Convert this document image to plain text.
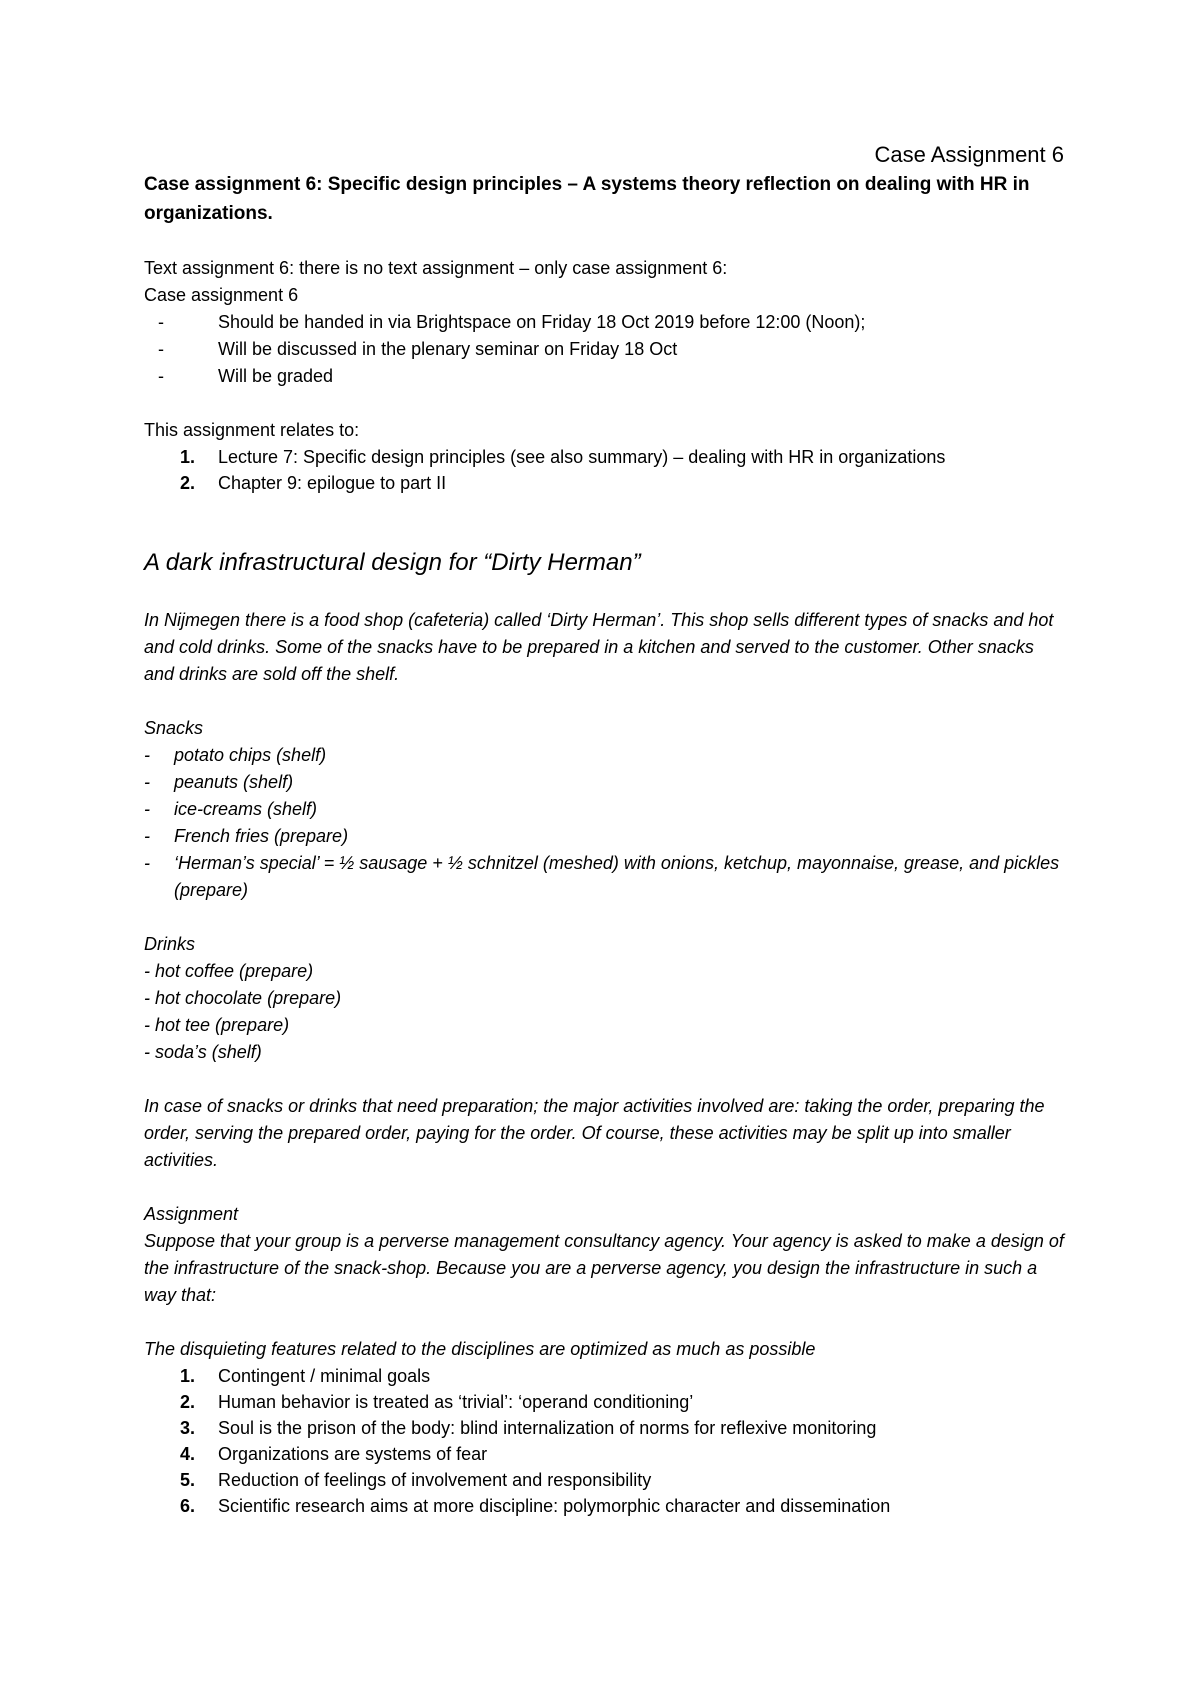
Case Assignment 6

Case assignment 6: Specific design principles – A systems theory reflection on dealing with HR in organizations.

Text assignment 6: there is no text assignment – only case assignment 6:

Case assignment 6

-	Should be handed in via Brightspace on Friday 18 Oct 2019 before 12:00 (Noon);
-	Will be discussed in the plenary seminar on Friday 18 Oct
-	Will be graded

This assignment relates to:

1. Lecture 7: Specific design principles (see also summary) – dealing with HR in organizations
2. Chapter 9: epilogue to part II

A dark infrastructural design for “Dirty Herman”

In Nijmegen there is a food shop (cafeteria) called ‘Dirty Herman’. This shop sells different types of snacks and hot and cold drinks. Some of the snacks have to be prepared in a kitchen and served to the customer. Other snacks and drinks are sold off the shelf.

Snacks

- potato chips (shelf)
- peanuts (shelf)
- ice-creams (shelf)
- French fries (prepare)
- ‘Herman’s special’ = ½ sausage + ½ schnitzel (meshed) with onions, ketchup, mayonnaise, grease, and pickles (prepare)

Drinks

- hot coffee (prepare)
- hot chocolate (prepare)
- hot tee (prepare)
- soda’s (shelf)

In case of snacks or drinks that need preparation; the major activities involved are: taking the order, preparing the order, serving the prepared order, paying for the order. Of course, these activities may be split up into smaller activities.

Assignment

Suppose that your group is a perverse management consultancy agency. Your agency is asked to make a design of the infrastructure of the snack-shop. Because you are a perverse agency, you design the infrastructure in such a way that:

The disquieting features related to the disciplines are optimized as much as possible

1. Contingent / minimal goals
2. Human behavior is treated as ‘trivial’: ‘operand conditioning’
3. Soul is the prison of the body: blind internalization of norms for reflexive monitoring
4. Organizations are systems of fear
5. Reduction of feelings of involvement and responsibility
6. Scientific research aims at more discipline: polymorphic character and dissemination
